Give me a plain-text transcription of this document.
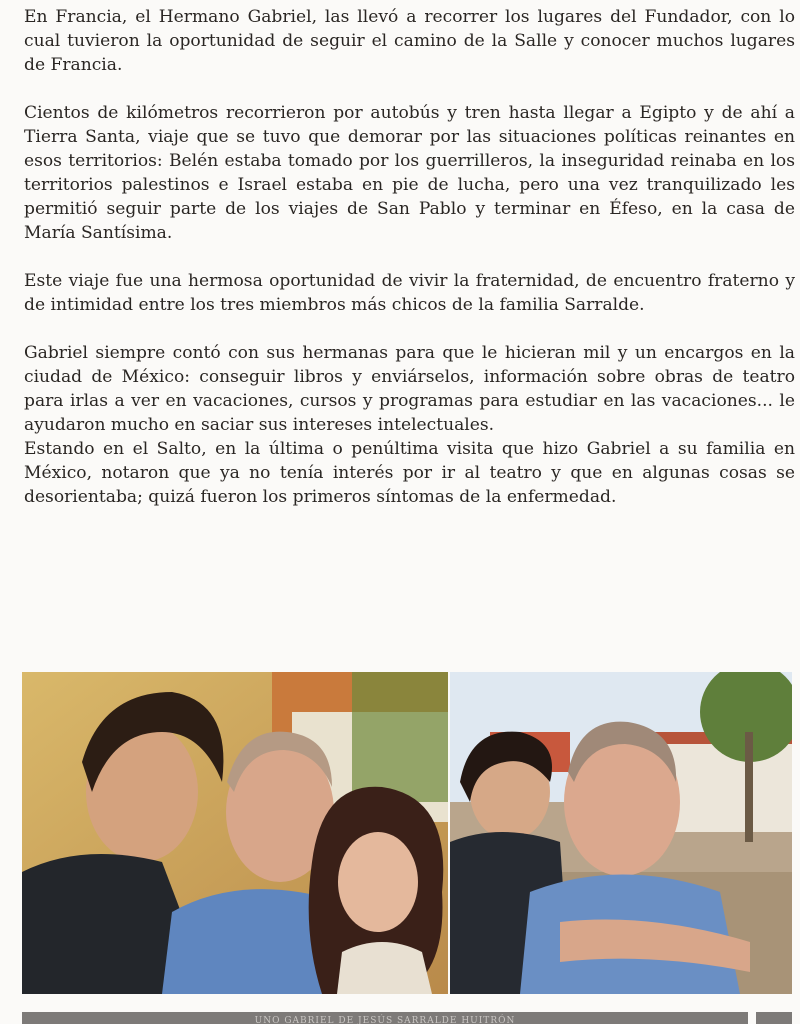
En Francia, el Hermano Gabriel, las llevó a recorrer los lugares del Fundador, con lo cual tuvieron la oportunidad de seguir el camino de la Salle y conocer muchos lugares de Francia.

Cientos de kilómetros recorrieron por autobús y tren hasta llegar a Egipto y de ahí a Tierra Santa, viaje que se tuvo que demorar por las situaciones políticas reinantes en esos territorios: Belén estaba tomado por los guerrilleros, la inseguridad reinaba en los territorios palestinos e Israel estaba en pie de lucha, pero una vez tranquilizado les permitió seguir parte de los viajes de San Pablo y terminar en Éfeso, en la casa de María Santísima.

Este viaje fue una hermosa oportunidad de vivir la fraternidad, de encuentro fraterno y de intimidad entre los tres miembros más chicos de la familia Sarralde.

Gabriel siempre contó con sus hermanas para que le hicieran mil y un encargos en la ciudad de México: conseguir libros y enviárselos, información sobre obras de teatro para irlas a ver en vacaciones, cursos y programas para estudiar en las vacaciones... le ayudaron mucho en saciar sus intereses intelectuales.

Estando en el Salto, en la última o penúltima visita que hizo Gabriel a su familia en México, notaron que ya no tenía interés por ir al teatro y que en algunas cosas se desorientaba; quizá fueron los primeros síntomas de la enfermedad.

UNO GABRIEL DE JESÚS SARRALDE HUITRÓN
